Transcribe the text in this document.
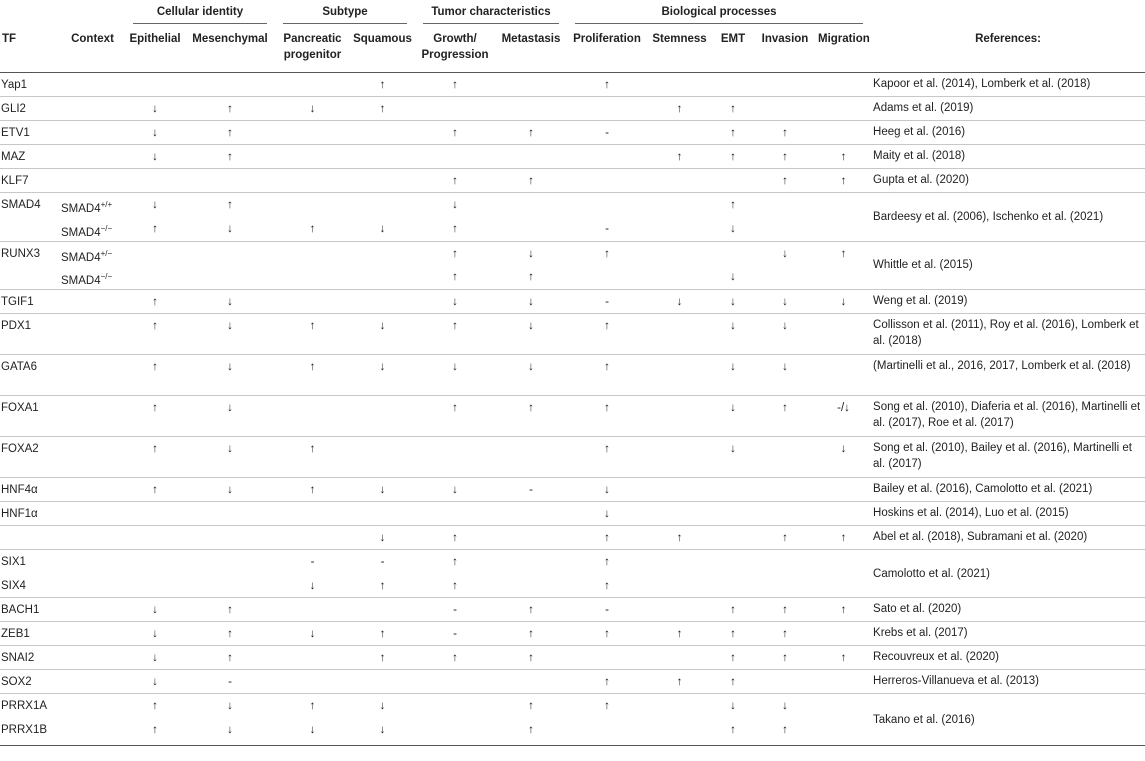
		Cellular identity		Subtype		Tumor characteristics		Biological processes					

TF	Context	Epithelial	Mesenchymal	Pancreatic progenitor	Squamous	Growth/ Progression	Metastasis	Proliferation	Stemness	EMT	Invasion	Migration	References:
Yap1					↑	↑		↑					Kapoor et al. (2014), Lomberk et al. (2018)
GLI2		↓	↑	↓	↑				↑	↑			Adams et al. (2019)
ETV1		↓	↑			↑	↑	-		↑	↑		Heeg et al. (2016)
MAZ		↓	↑						↑	↑	↑	↑	Maity et al. (2018)
KLF7						↑	↑				↑	↑	Gupta et al. (2020)
SMAD4	SMAD4+/+	↓	↑			↓				↑			Bardeesy et al. (2006), Ischenko et al. (2021)
	SMAD4−/−	↑	↓	↑	↓	↑		-		↓			
RUNX3	SMAD4+/−					↑	↓	↑			↓	↑	Whittle et al. (2015)
	SMAD4−/−					↑	↑			↓			
TGIF1		↑	↓			↓	↓	-	↓	↓	↓	↓	Weng et al. (2019)
PDX1		↑	↓	↑	↓	↑	↓	↑		↓	↓		Collisson et al. (2011), Roy et al. (2016), Lomberk et al. (2018)
GATA6		↑	↓	↑	↓	↓	↓	↑		↓	↓		(Martinelli et al., 2016, 2017, Lomberk et al. (2018)
FOXA1		↑	↓			↑	↑	↑		↓	↑	-/↓	Song et al. (2010), Diaferia et al. (2016), Martinelli et al. (2017), Roe et al. (2017)
FOXA2		↑	↓	↑				↑		↓		↓	Song et al. (2010), Bailey et al. (2016), Martinelli et al. (2017)
HNF4α		↑	↓	↑	↓	↓	-	↓					Bailey et al. (2016), Camolotto et al. (2021)
HNF1α								↓					Hoskins et al. (2014), Luo et al. (2015)
					↓	↑		↑	↑		↑	↑	Abel et al. (2018), Subramani et al. (2020)
SIX1				-	-	↑		↑					Camolotto et al. (2021)
SIX4				↓	↑	↑		↑					
BACH1		↓	↑			-	↑	-		↑	↑	↑	Sato et al. (2020)
ZEB1		↓	↑	↓	↑	-	↑	↑	↑	↑	↑		Krebs et al. (2017)
SNAI2		↓	↑		↑	↑	↑			↑	↑	↑	Recouvreux et al. (2020)
SOX2		↓	-					↑	↑	↑			Herreros-Villanueva et al. (2013)
PRRX1A		↑	↓	↑	↓		↑	↑		↓	↓		Takano et al. (2016)
PRRX1B		↑	↓	↓	↓		↑			↑	↑		
